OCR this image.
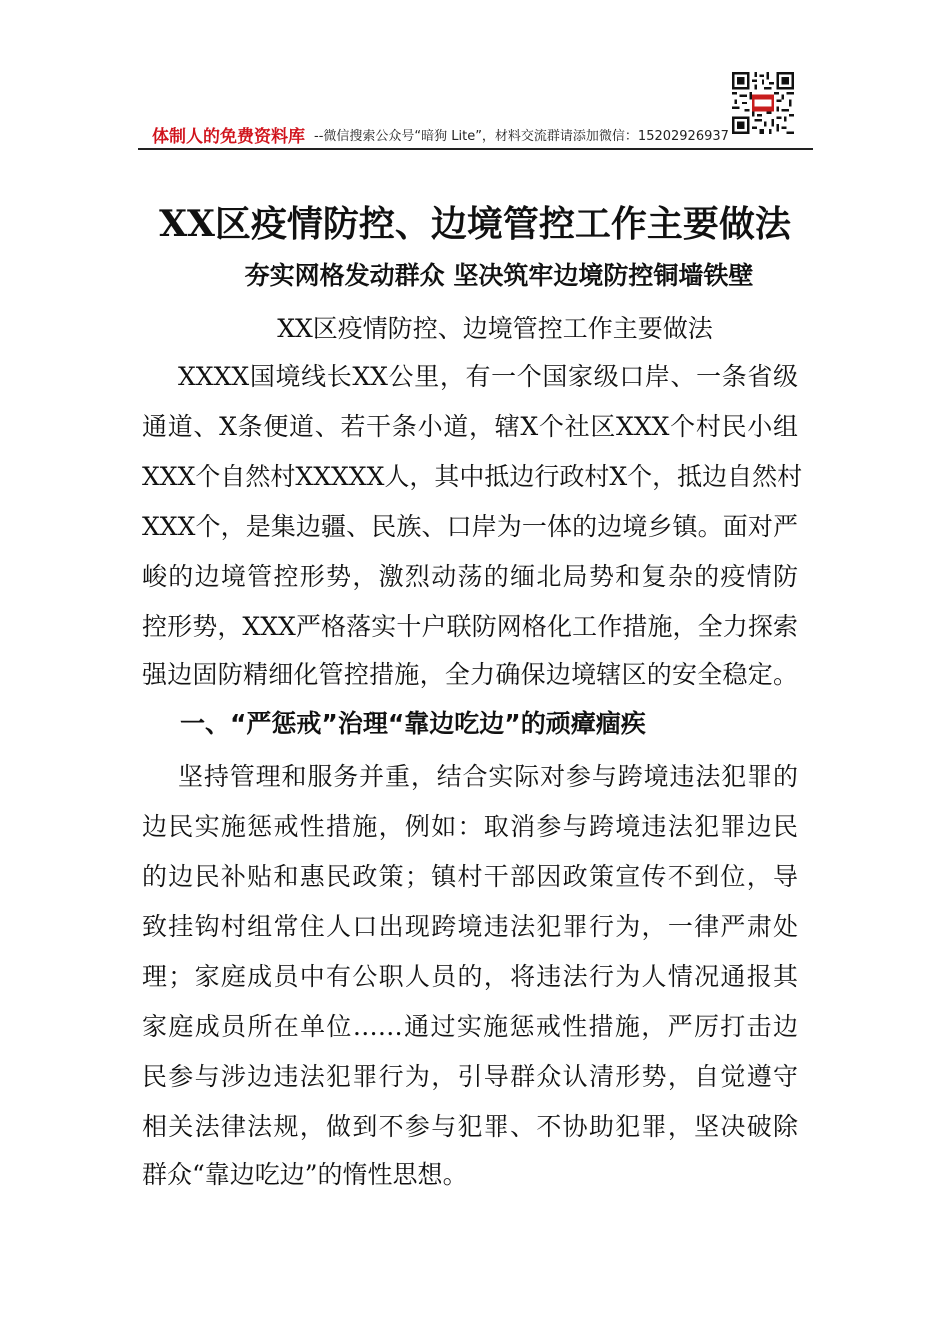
体制人的免费资料库 --微信搜索公众号“暗狗 Lite”，材料交流群请添加微信：15202926937
XX区疫情防控、边境管控工作主要做法
夯实网格发动群众 坚决筑牢边境防控铜墙铁壁
XX区疫情防控、边境管控工作主要做法
XXXX国境线长XX公里，有一个国家级口岸、一条省级
通道、X条便道、若干条小道，辖X个社区XXX个村民小组
XXX个自然村XXXXX人，其中抵边行政村X个，抵边自然村
XXX个，是集边疆、民族、口岸为一体的边境乡镇。面对严
峻的边境管控形势，激烈动荡的缅北局势和复杂的疫情防
控形势，XXX严格落实十户联防网格化工作措施，全力探索
强边固防精细化管控措施，全力确保边境辖区的安全稳定。
一、“严惩戒”治理“靠边吃边”的顽瘴痼疾
坚持管理和服务并重，结合实际对参与跨境违法犯罪的
边民实施惩戒性措施，例如：取消参与跨境违法犯罪边民
的边民补贴和惠民政策；镇村干部因政策宣传不到位，导
致挂钩村组常住人口出现跨境违法犯罪行为，一律严肃处
理；家庭成员中有公职人员的，将违法行为人情况通报其
家庭成员所在单位……通过实施惩戒性措施，严厉打击边
民参与涉边违法犯罪行为，引导群众认清形势，自觉遵守
相关法律法规，做到不参与犯罪、不协助犯罪，坚决破除
群众“靠边吃边”的惰性思想。
